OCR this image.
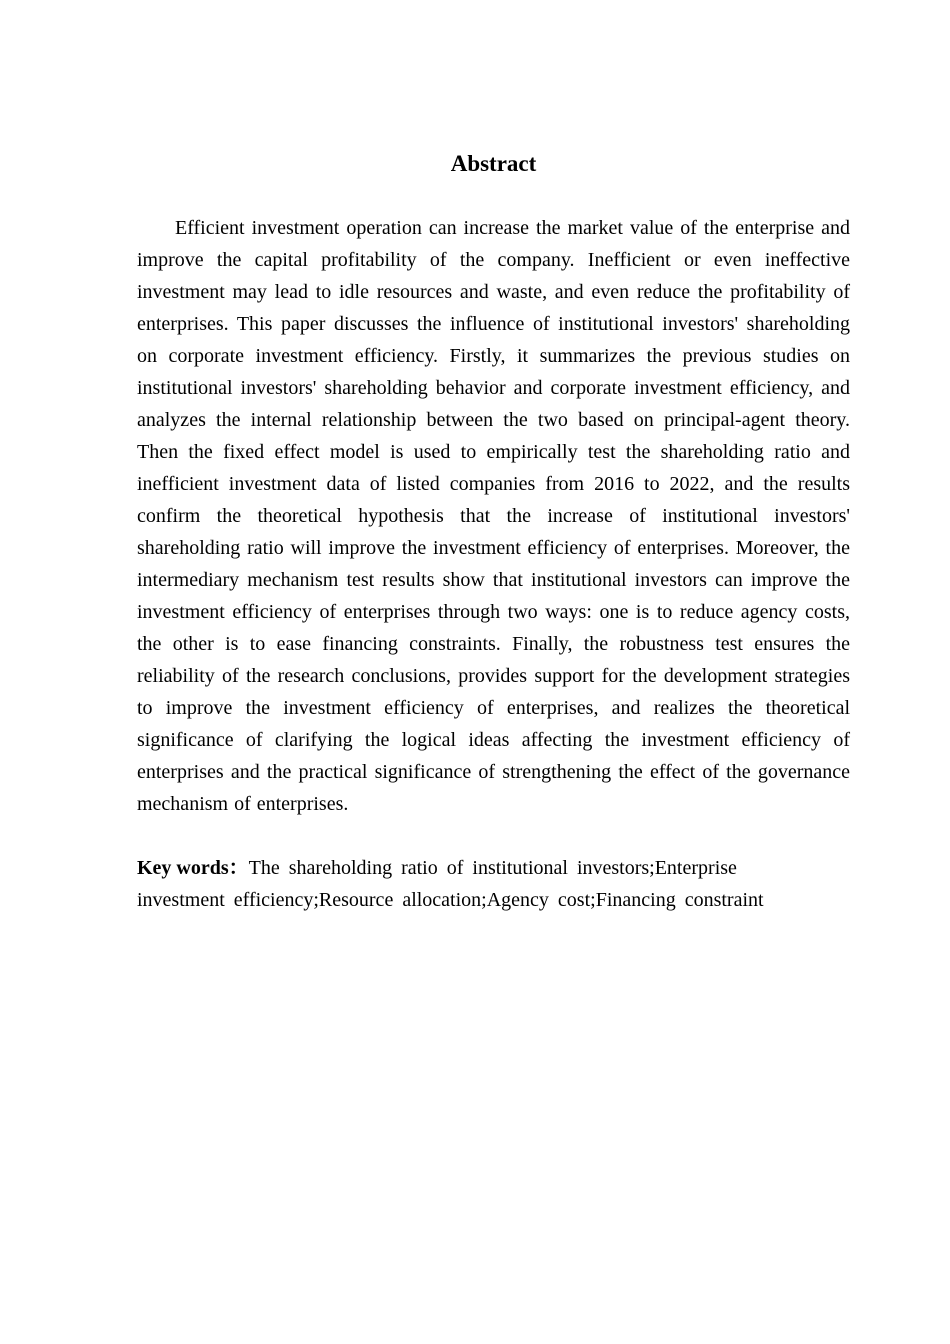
Abstract

Efficient investment operation can increase the market value of the enterprise and improve the capital profitability of the company. Inefficient or even ineffective investment may lead to idle resources and waste, and even reduce the profitability of enterprises. This paper discusses the influence of institutional investors' shareholding on corporate investment efficiency. Firstly, it summarizes the previous studies on institutional investors' shareholding behavior and corporate investment efficiency, and analyzes the internal relationship between the two based on principal-agent theory. Then the fixed effect model is used to empirically test the shareholding ratio and inefficient investment data of listed companies from 2016 to 2022, and the results confirm the theoretical hypothesis that the increase of institutional investors' shareholding ratio will improve the investment efficiency of enterprises. Moreover, the intermediary mechanism test results show that institutional investors can improve the investment efficiency of enterprises through two ways: one is to reduce agency costs, the other is to ease financing constraints. Finally, the robustness test ensures the reliability of the research conclusions, provides support for the development strategies to improve the investment efficiency of enterprises, and realizes the theoretical significance of clarifying the logical ideas affecting the investment efficiency of enterprises and the practical significance of strengthening the effect of the governance mechanism of enterprises.

Key words：The shareholding ratio of institutional investors;Enterprise
investment efficiency;Resource allocation;Agency cost;Financing constraint
